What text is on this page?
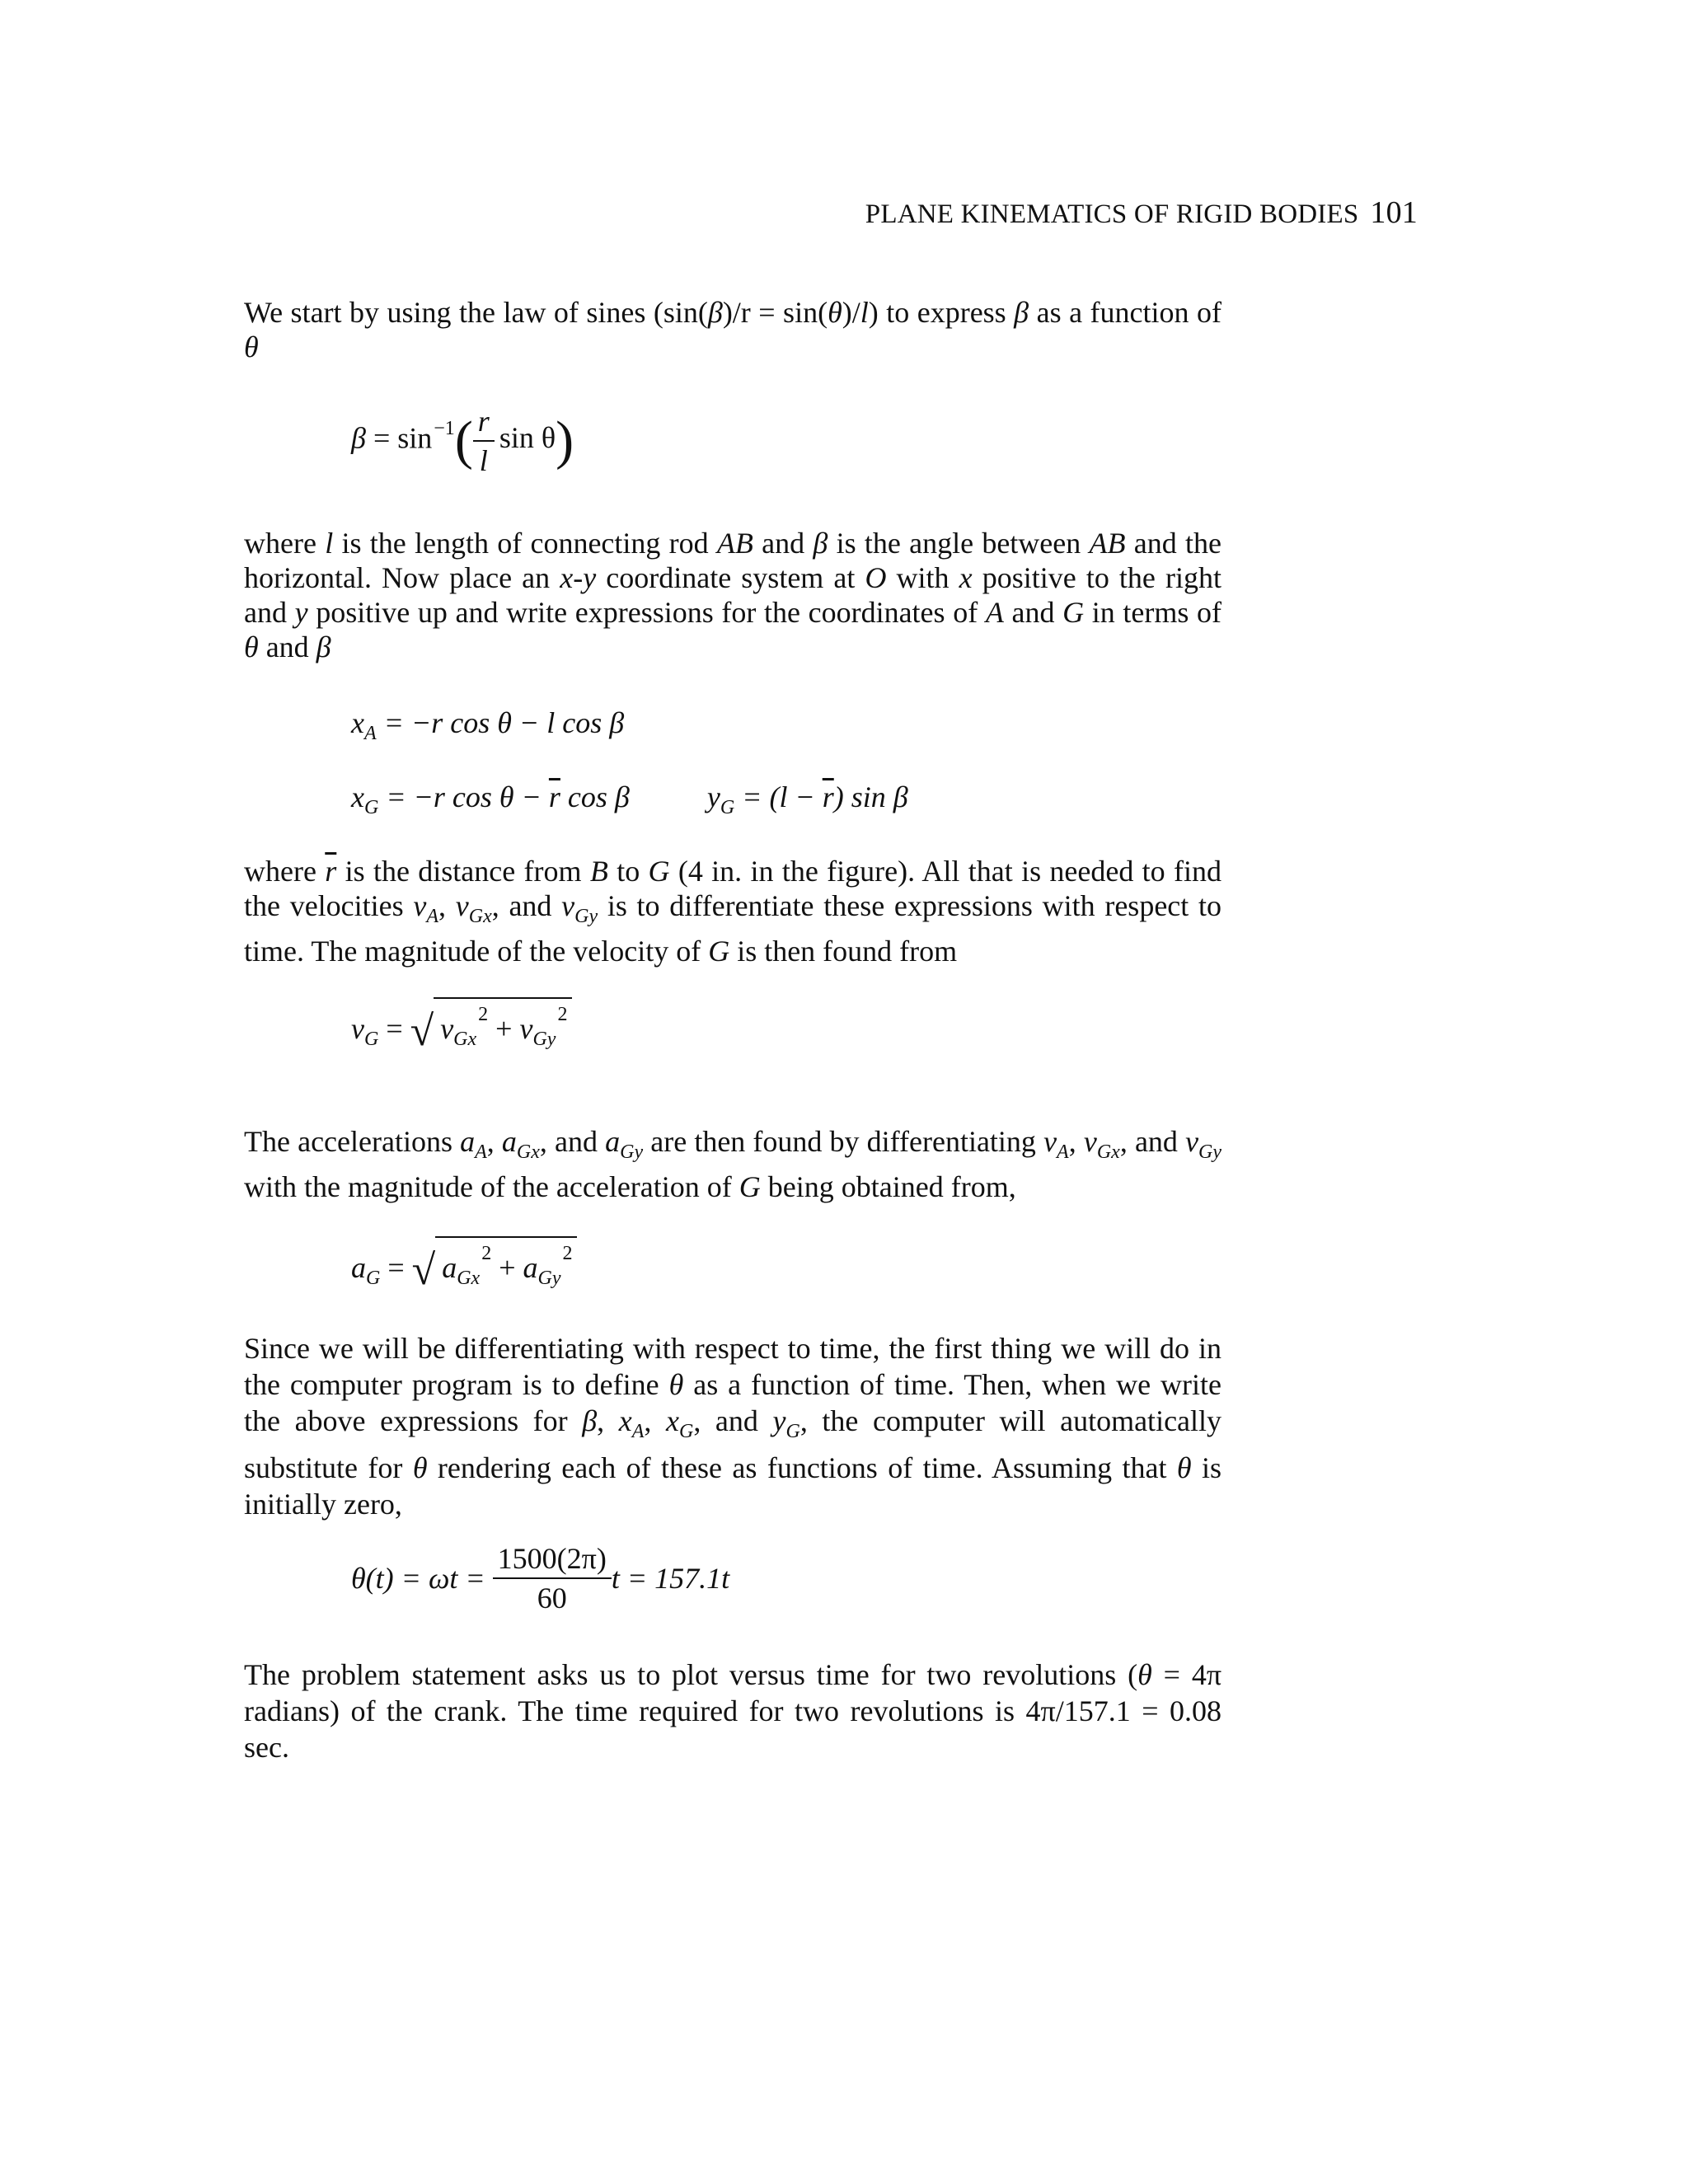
PLANE KINEMATICS OF RIGID BODIES 101
We start by using the law of sines (sin(β)/r = sin(θ)/l) to express β as a function of θ
$\beta = \sin^{-1}( \frac{r}{l}$ sin θ)
where l is the length of connecting rod AB and β is the angle between AB and the horizontal. Now place an x-y coordinate system at O with x positive to the right and y positive up and write expressions for the coordinates of A and G in terms of θ and β
$x_A = -r$ cos θ − l cos β
$x_G = -r$ $\cos \theta - \overline{r}$ cos β	$y_G = (l - \overline{r})$ sin β
where $\overline{r}$ is the distance from B to G (4 in. in the figure). All that is needed to find the velocities $v_A$, $v_{Gx}$, and $v_{Gy}$ is to differentiate these expressions with respect to time. The magnitude of the velocity of G is then found from
$v_G$ = √ $v_{Gx}^2 + v_{Gy}^2$
The accelerations $a_A$, $a_{Gx}$, and $a_{Gy}$ are then found by differentiating $v_A$, $v_{Gx}$, and $v_{Gy}$ with the magnitude of the acceleration of G being obtained from,
$a_G$ = √ $a_{Gx}^2 + a_{Gy}^2$
Since we will be differentiating with respect to time, the first thing we will do in the computer program is to define θ as a function of time. Then, when we write the above expressions for β, $x_A$, $x_G$, and $y_G$, the computer will automatically substitute for θ rendering each of these as functions of time. Assuming that θ is initially zero,
$\theta(t) = \omega t = \frac{1500(2\pi)}{60}$ t = 157.1t
The problem statement asks us to plot versus time for two revolutions (θ = 4π radians) of the crank. The time required for two revolutions is 4π/157.1 = 0.08 sec.
